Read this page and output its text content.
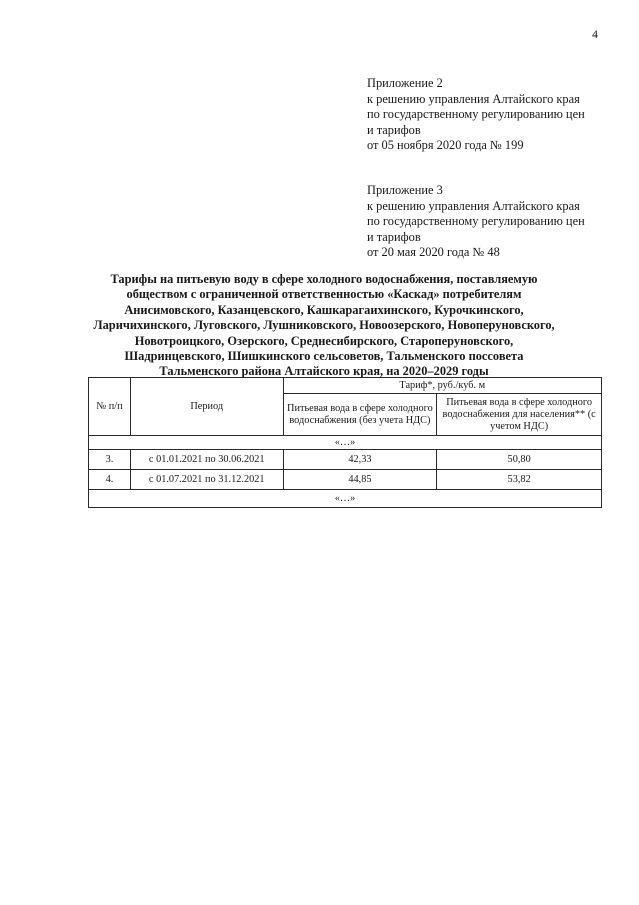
4
Приложение 2
к решению управления Алтайского края
по государственному регулированию цен
и тарифов
от 05 ноября 2020 года № 199
Приложение 3
к решению управления Алтайского края
по государственному регулированию цен
и тарифов
от 20 мая 2020 года № 48
Тарифы на питьевую воду в сфере холодного водоснабжения, поставляемую
обществом с ограниченной ответственностью «Каскад» потребителям
Анисимовского, Казанцевского, Кашкарагаихинского, Курочкинского,
Ларичихинского, Луговского, Лушниковского, Новоозерского, Новоперуновского,
Новотроицкого, Озерского, Среднесибирского, Староперуновского,
Шадринцевского, Шишкинского сельсоветов, Тальменского поссовета
Тальменского района Алтайского края, на 2020–2029 годы
№ п/п	Период	Тариф*, руб./куб. м	
		Питьевая вода в сфере холодного водоснабжения (без учета НДС)	Питьевая вода в сфере холодного водоснабжения для населения** (с учетом НДС)
«…»			
3.	с 01.01.2021 по 30.06.2021	42,33	50,80
4.	с 01.07.2021 по 31.12.2021	44,85	53,82
«…»			
